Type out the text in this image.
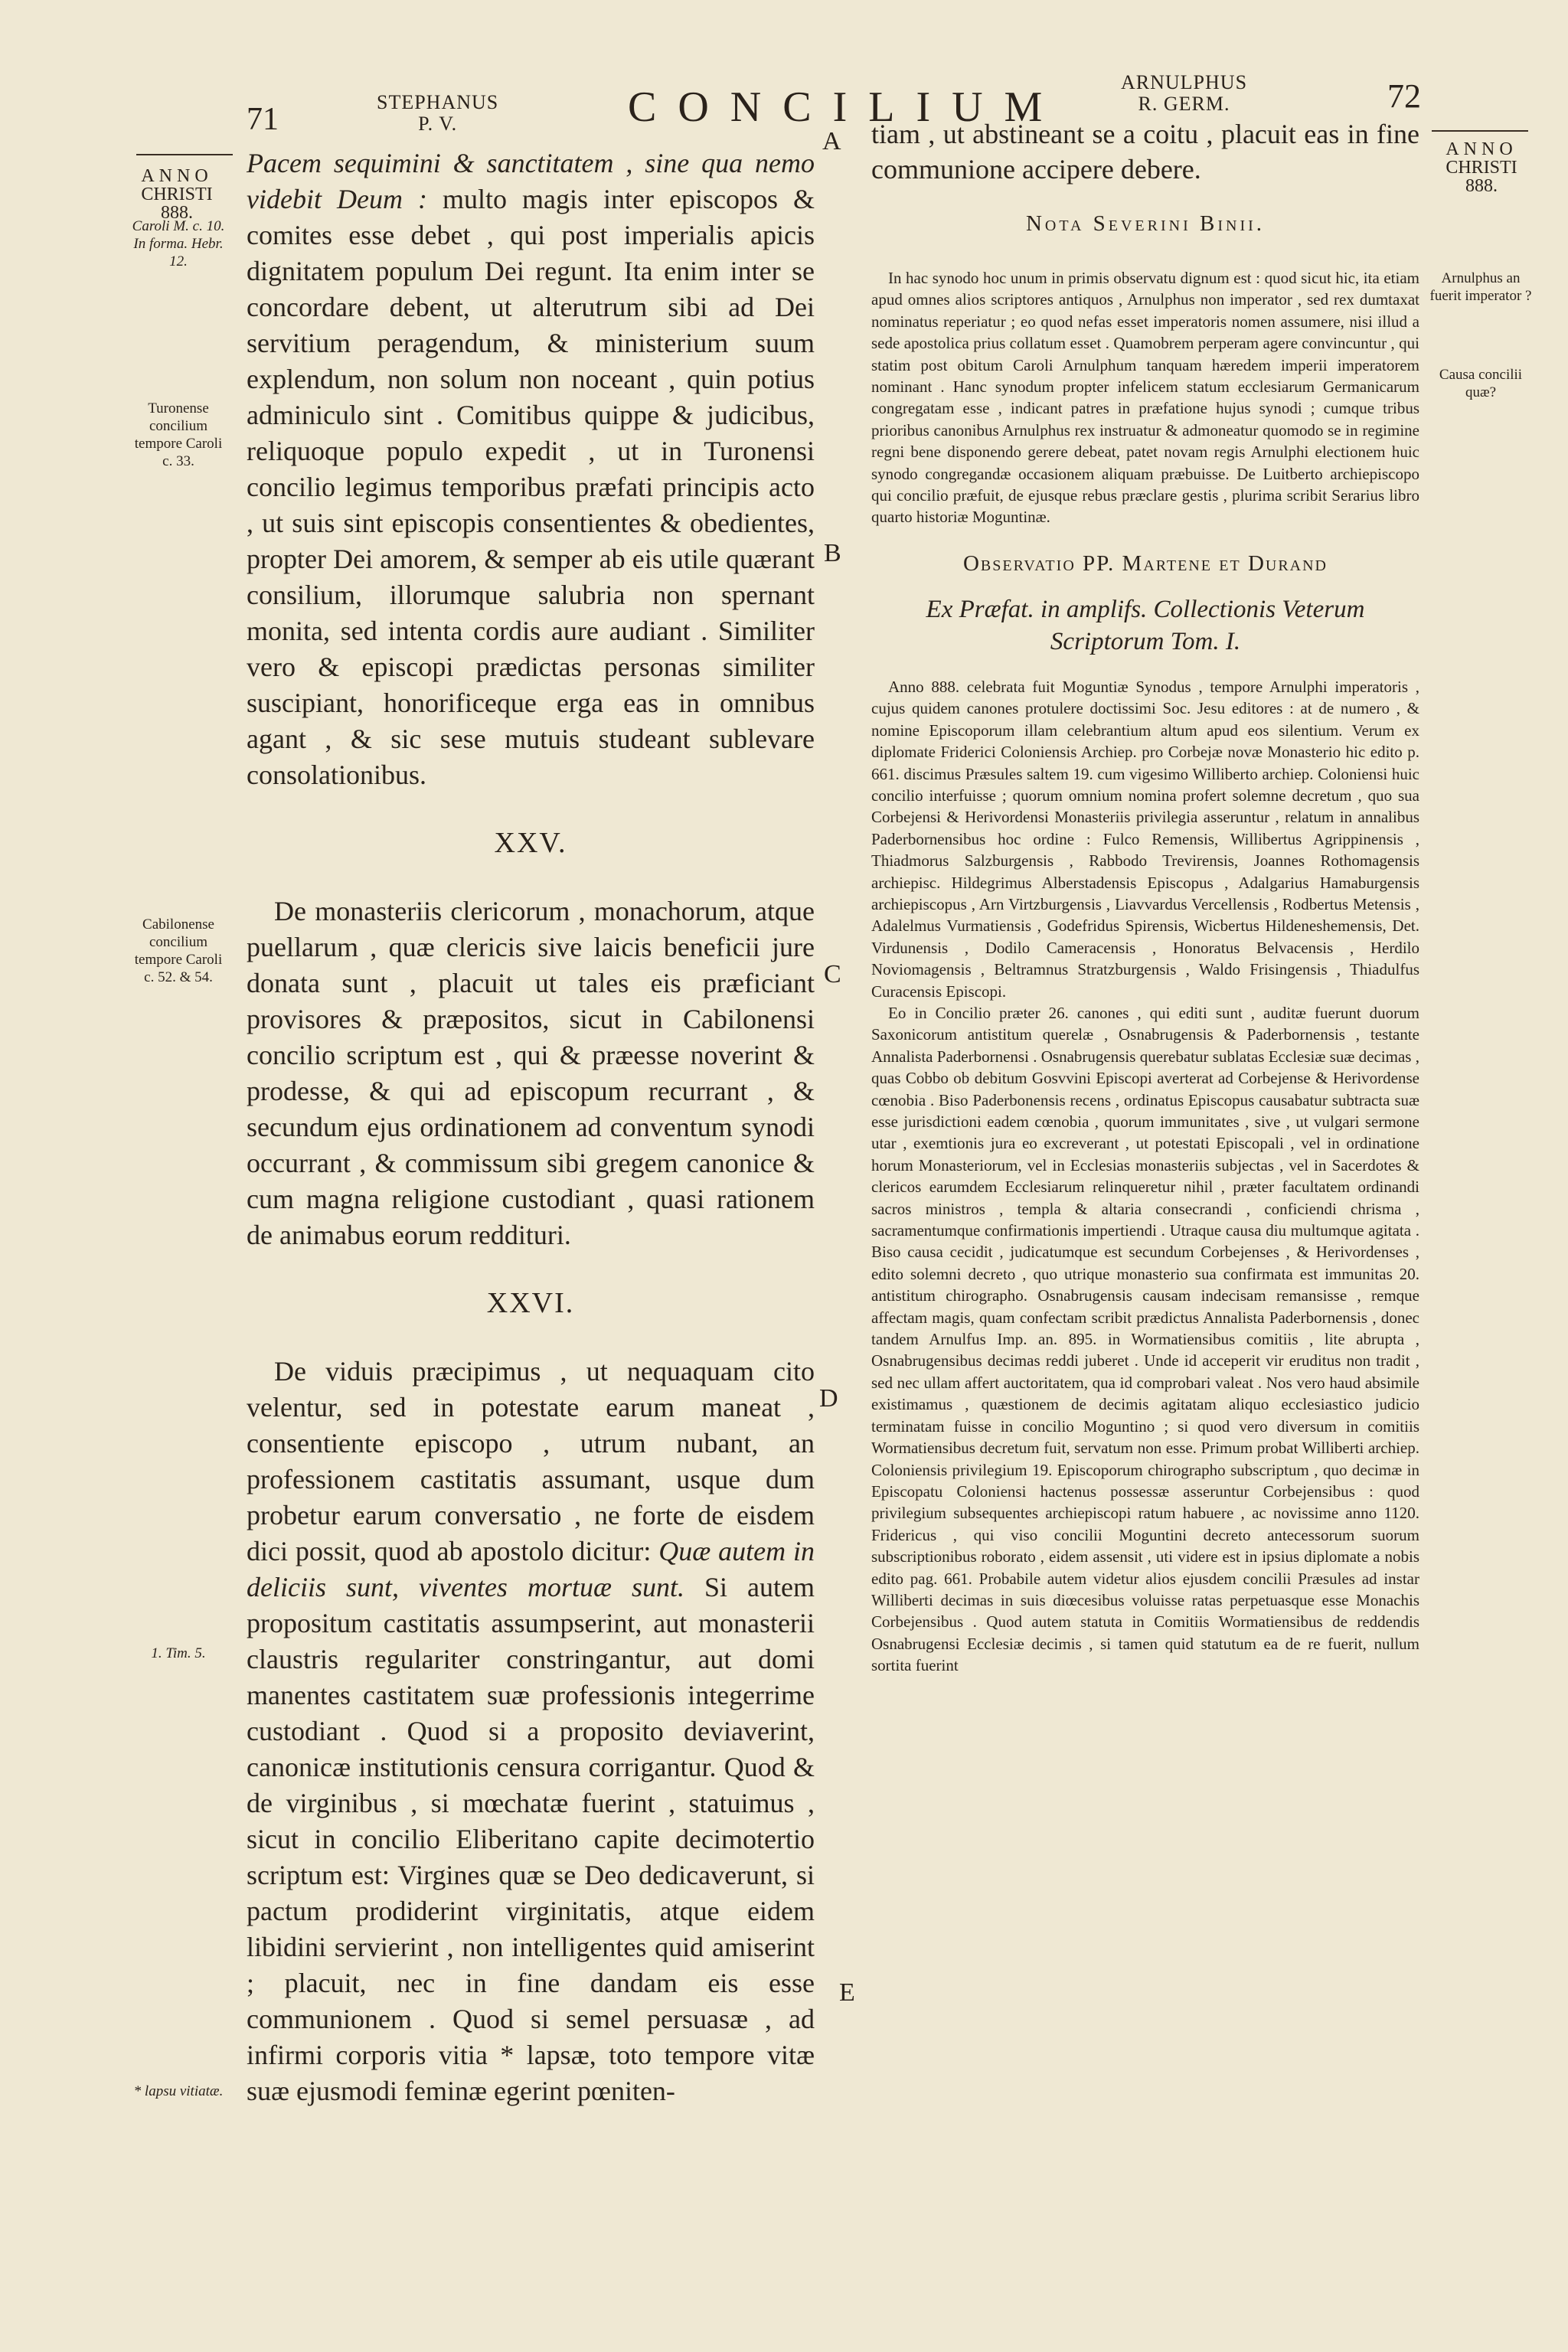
71	STEPHANUS
P. V.	CONCILIUM
ARNULPHUS
R. GERM.	72
ANNO
CHRISTI
888.
ANNO
CHRISTI
888.
Caroli M. c. 10. In forma. Hebr. 12.
Turonense concilium tempore Caroli c. 33.
Cabilonense concilium tempore Caroli c. 52. & 54.
1. Tim. 5.
* lapsu vitiatæ.
Arnulphus an fuerit imperator ?
Causa concilii quæ?
A
B
C
D
E

Pacem sequimini & sanctitatem , sine qua nemo videbit Deum : multo magis inter episcopos & comites esse debet , qui post imperialis apicis dignitatem populum Dei regunt. Ita enim inter se concordare debent, ut alterutrum sibi ad Dei servitium peragendum, & ministerium suum explendum, non solum non noceant , quin potius adminiculo sint . Comitibus quippe & judicibus, reliquoque populo expedit , ut in Turonensi concilio legimus temporibus præfati principis acto , ut suis sint episcopis consentientes & obedientes, propter Dei amorem, & semper ab eis utile quærant consilium, illorumque salubria non spernant monita, sed intenta cordis aure audiant . Similiter vero & episcopi prædictas personas similiter suscipiant, honorificeque erga eas in omnibus agant , & sic sese mutuis studeant sublevare consolationibus.

XXV.

De monasteriis clericorum , monachorum, atque puellarum , quæ clericis sive laicis beneficii jure donata sunt , placuit ut tales eis præficiant provisores & præpositos, sicut in Cabilonensi concilio scriptum est , qui & præesse noverint & prodesse, & qui ad episcopum recurrant , & secundum ejus ordinationem ad conventum synodi occurrant , & commissum sibi gregem canonice & cum magna religione custodiant , quasi rationem de animabus eorum reddituri.

XXVI.

De viduis præcipimus , ut nequaquam cito velentur, sed in potestate earum maneat , consentiente episcopo , utrum nubant, an professionem castitatis assumant, usque dum probetur earum conversatio , ne forte de eisdem dici possit, quod ab apostolo dicitur: Quæ autem in deliciis sunt, viventes mortuæ sunt. Si autem propositum castitatis assumpserint, aut monasterii claustris regulariter constringantur, aut domi manentes castitatem suæ professionis integerrime custodiant . Quod si a proposito deviaverint, canonicæ institutionis censura corrigantur. Quod & de virginibus , si mœchatæ fuerint , statuimus , sicut in concilio Eliberitano capite decimotertio scriptum est: Virgines quæ se Deo dedicaverunt, si pactum prodiderint virginitatis, atque eidem libidini servierint , non intelligentes quid amiserint ; placuit, nec in fine dandam eis esse communionem . Quod si semel persuasæ , ad infirmi corporis vitia * lapsæ, toto tempore vitæ suæ ejusmodi feminæ egerint pœniten-

tiam , ut abstineant se a coitu , placuit eas in fine communione accipere debere.

Nota Severini Binii.

In hac synodo hoc unum in primis observatu dignum est : quod sicut hic, ita etiam apud omnes alios scriptores antiquos , Arnulphus non imperator , sed rex dumtaxat nominatus reperiatur ; eo quod nefas esset imperatoris nomen assumere, nisi illud a sede apostolica prius collatum esset . Quamobrem perperam agere convincuntur , qui statim post obitum Caroli Arnulphum tanquam hæredem imperii imperatorem nominant . Hanc synodum propter infelicem statum ecclesiarum Germanicarum congregatam esse , indicant patres in præfatione hujus synodi ; cumque tribus prioribus canonibus Arnulphus rex instruatur & admoneatur quomodo se in regimine regni bene disponendo gerere debeat, patet novam regis Arnulphi electionem huic synodo congregandæ occasionem aliquam præbuisse. De Luitberto archiepiscopo qui concilio præfuit, de ejusque rebus præclare gestis , plurima scribit Serarius libro quarto historiæ Moguntinæ.

Observatio PP. Martene et Durand
Ex Præfat. in amplifs. Collectionis Veterum
Scriptorum Tom. I.

Anno 888. celebrata fuit Moguntiæ Synodus , tempore Arnulphi imperatoris , cujus quidem canones protulere doctissimi Soc. Jesu editores : at de numero , & nomine Episcoporum illam celebrantium altum apud eos silentium. Verum ex diplomate Friderici Coloniensis Archiep. pro Corbejæ novæ Monasterio hic edito p. 661. discimus Præsules saltem 19. cum vigesimo Williberto archiep. Coloniensi huic concilio interfuisse ; quorum omnium nomina profert solemne decretum , quo sua Corbejensi & Herivordensi Monasteriis privilegia asseruntur , relatum in annalibus Paderbornensibus hoc ordine : Fulco Remensis, Willibertus Agrippinensis , Thiadmorus Salzburgensis , Rabbodo Trevirensis, Joannes Rothomagensis archiepisc. Hildegrimus Alberstadensis Episcopus , Adalgarius Hamaburgensis archiepiscopus , Arn Virtzburgensis , Liavvardus Vercellensis , Rodbertus Metensis , Adalelmus Vurmatiensis , Godefridus Spirensis, Wicbertus Hildeneshemensis, Det. Virdunensis , Dodilo Cameracensis , Honoratus Belvacensis , Herdilo Noviomagensis , Beltramnus Stratzburgensis , Waldo Frisingensis , Thiadulfus Curacensis Episcopi.

Eo in Concilio præter 26. canones , qui editi sunt , auditæ fuerunt duorum Saxonicorum antistitum querelæ , Osnabrugensis & Paderbornensis , testante Annalista Paderbornensi . Osnabrugensis querebatur sublatas Ecclesiæ suæ decimas , quas Cobbo ob debitum Gosvvini Episcopi averterat ad Corbejense & Herivordense cœnobia . Biso Paderbonensis recens , ordinatus Episcopus causabatur subtracta suæ esse jurisdictioni eadem cœnobia , quorum immunitates , sive , ut vulgari sermone utar , exemtionis jura eo excreverant , ut potestati Episcopali , vel in ordinatione horum Monasteriorum, vel in Ecclesias monasteriis subjectas , vel in Sacerdotes & clericos earumdem Ecclesiarum relinqueretur nihil , præter facultatem ordinandi sacros ministros , templa & altaria consecrandi , conficiendi chrisma , sacramentumque confirmationis impertiendi . Utraque causa diu multumque agitata . Biso causa cecidit , judicatumque est secundum Corbejenses , & Herivordenses , edito solemni decreto , quo utrique monasterio sua confirmata est immunitas 20. antistitum chirographo. Osnabrugensis causam indecisam remansisse , remque affectam magis, quam confectam scribit prædictus Annalista Paderbornensis , donec tandem Arnulfus Imp. an. 895. in Wormatiensibus comitiis , lite abrupta , Osnabrugensibus decimas reddi juberet . Unde id acceperit vir eruditus non tradit , sed nec ullam affert auctoritatem, qua id comprobari valeat . Nos vero haud absimile existimamus , quæstionem de decimis agitatam aliquo ecclesiastico judicio terminatam fuisse in concilio Moguntino ; si quod vero diversum in comitiis Wormatiensibus decretum fuit, servatum non esse. Primum probat Williberti archiep. Coloniensis privilegium 19. Episcoporum chirographo subscriptum , quo decimæ in Episcopatu Coloniensi hactenus possessæ asseruntur Corbejensibus : quod privilegium subsequentes archiepiscopi ratum habuere , ac novissime anno 1120. Fridericus , qui viso concilii Moguntini decreto antecessorum suorum subscriptionibus roborato , eidem assensit , uti videre est in ipsius diplomate a nobis edito pag. 661. Probabile autem videtur alios ejusdem concilii Præsules ad instar Williberti decimas in suis diœcesibus voluisse ratas perpetuasque esse Monachis Corbejensibus . Quod autem statuta in Comitiis Wormatiensibus de reddendis Osnabrugensi Ecclesiæ decimis , si tamen quid statutum ea de re fuerit, nullum sortita fuerint
